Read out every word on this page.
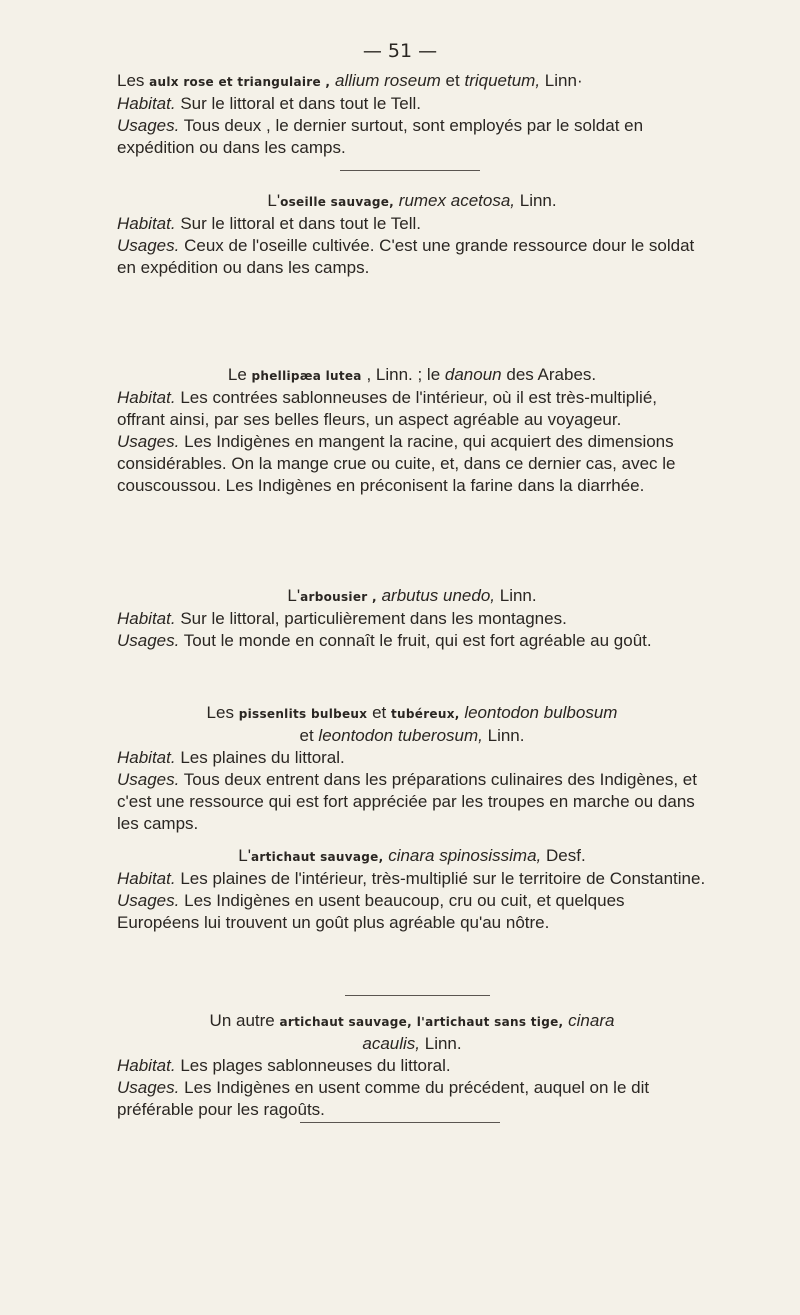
— 51 —
Les aulx rose et triangulaire , allium roseum et triquetum, Linn·

Habitat. Sur le littoral et dans tout le Tell.

Usages. Tous deux , le dernier surtout, sont employés par le soldat en expédition ou dans les camps.

L'oseille sauvage, rumex acetosa, Linn.

Habitat. Sur le littoral et dans tout le Tell.

Usages. Ceux de l'oseille cultivée. C'est une grande ressource dour le soldat en expédition ou dans les camps.

Le phellipæa lutea , Linn. ; le danoun des Arabes.

Habitat. Les contrées sablonneuses de l'intérieur, où il est très-multiplié, offrant ainsi, par ses belles fleurs, un aspect agréable au voyageur.

Usages. Les Indigènes en mangent la racine, qui acquiert des dimensions considérables. On la mange crue ou cuite, et, dans ce dernier cas, avec le couscoussou. Les Indigènes en préconisent la farine dans la diarrhée.

L'arbousier , arbutus unedo, Linn.

Habitat. Sur le littoral, particulièrement dans les montagnes.

Usages. Tout le monde en connaît le fruit, qui est fort agréable au goût.

Les pissenlits bulbeux et tubéreux, leontodon bulbosum
et leontodon tuberosum, Linn.

Habitat. Les plaines du littoral.

Usages. Tous deux entrent dans les préparations culinaires des Indigènes, et c'est une ressource qui est fort appréciée par les troupes en marche ou dans les camps.

L'artichaut sauvage, cinara spinosissima, Desf.

Habitat. Les plaines de l'intérieur, très-multiplié sur le territoire de Constantine.

Usages. Les Indigènes en usent beaucoup, cru ou cuit, et quelques Européens lui trouvent un goût plus agréable qu'au nôtre.

Un autre artichaut sauvage, l'artichaut sans tige, cinara
acaulis, Linn.

Habitat. Les plages sablonneuses du littoral.

Usages. Les Indigènes en usent comme du précédent, auquel on le dit préférable pour les ragoûts.
